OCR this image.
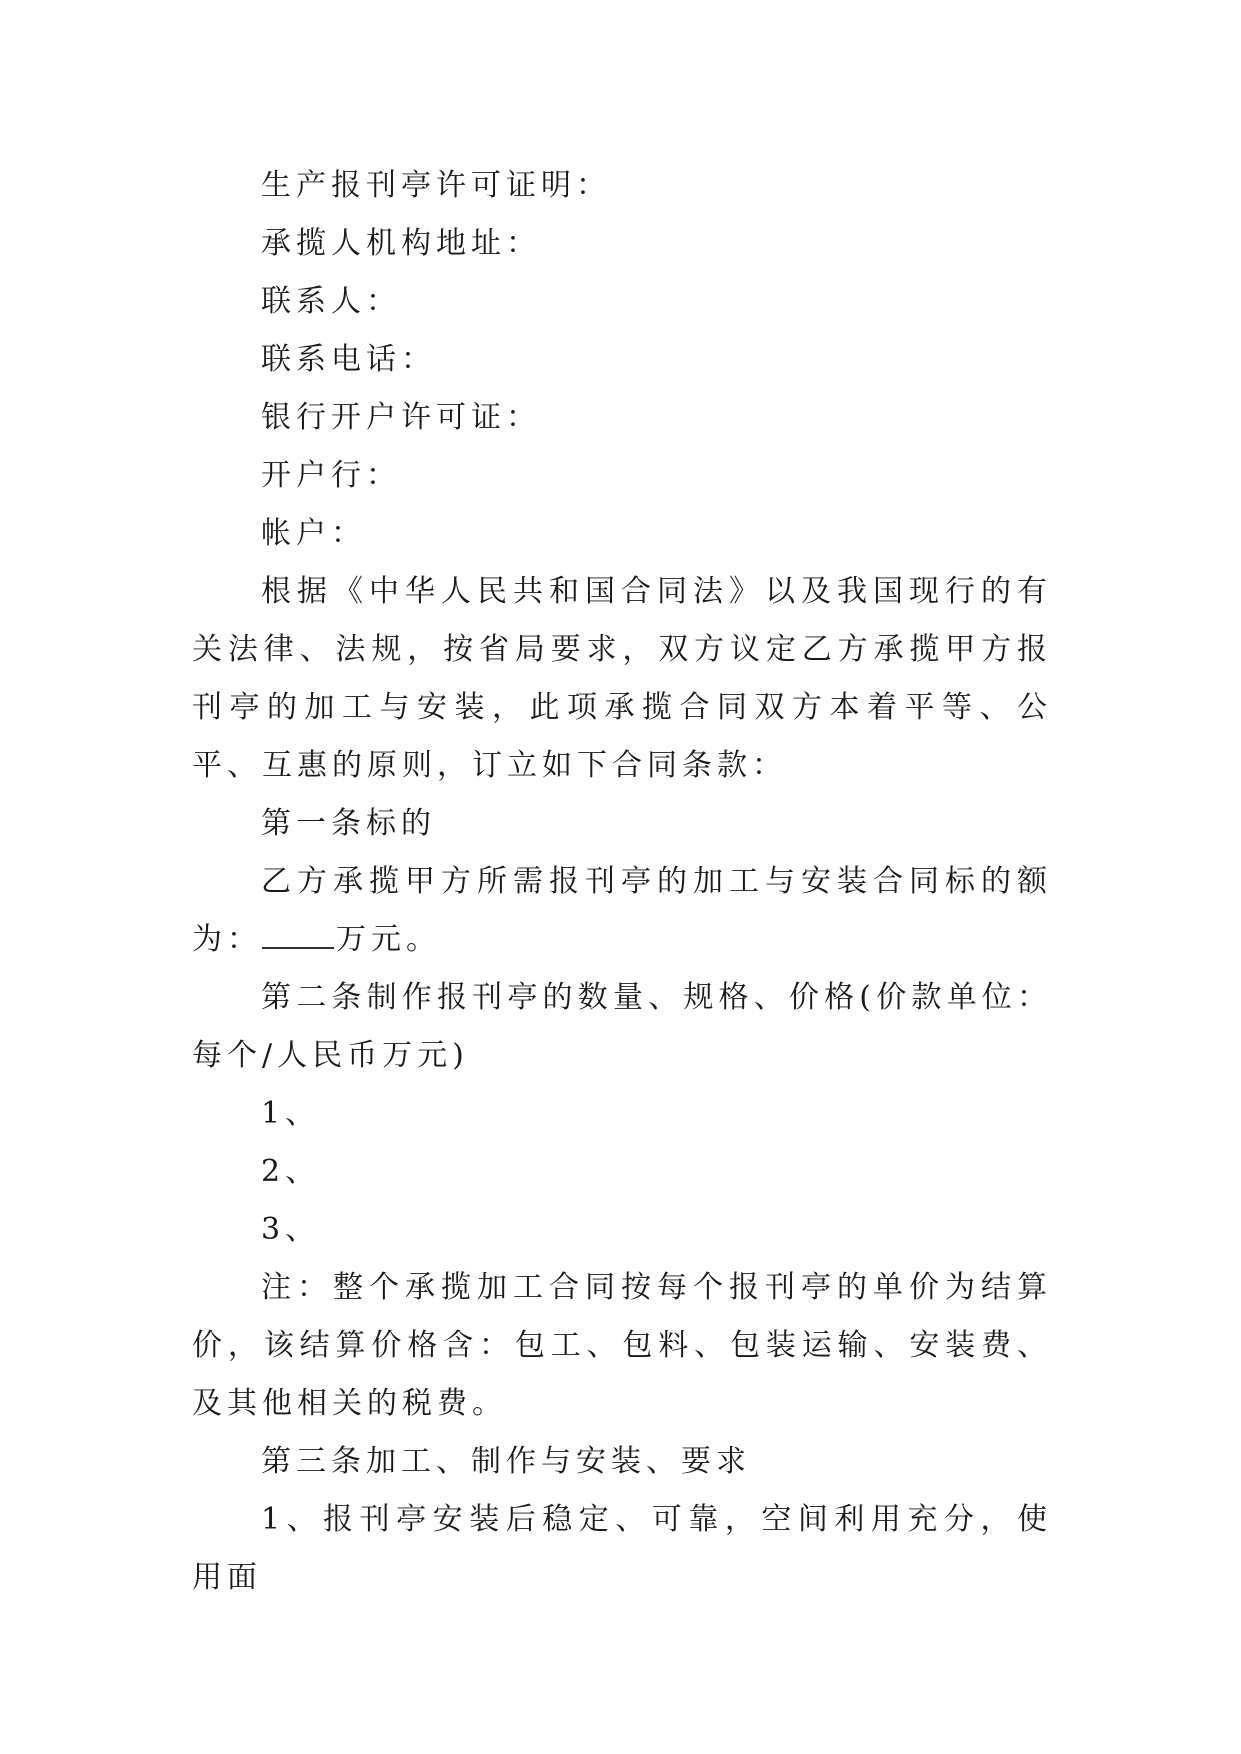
生产报刊亭许可证明：

承揽人机构地址：

联系人：

联系电话：

银行开户许可证：

开户行：

帐户：

根据《中华人民共和国合同法》以及我国现行的有关法律、法规，按省局要求，双方议定乙方承揽甲方报刊亭的加工与安装，此项承揽合同双方本着平等、公平、互惠的原则，订立如下合同条款：

第一条标的

乙方承揽甲方所需报刊亭的加工与安装合同标的额为： 万元。

第二条制作报刊亭的数量、规格、价格(价款单位：每个/人民币万元)

1、

2、

3、

注：整个承揽加工合同按每个报刊亭的单价为结算价，该结算价格含：包工、包料、包装运输、安装费、及其他相关的税费。

第三条加工、制作与安装、要求

1、报刊亭安装后稳定、可靠，空间利用充分，使用面
